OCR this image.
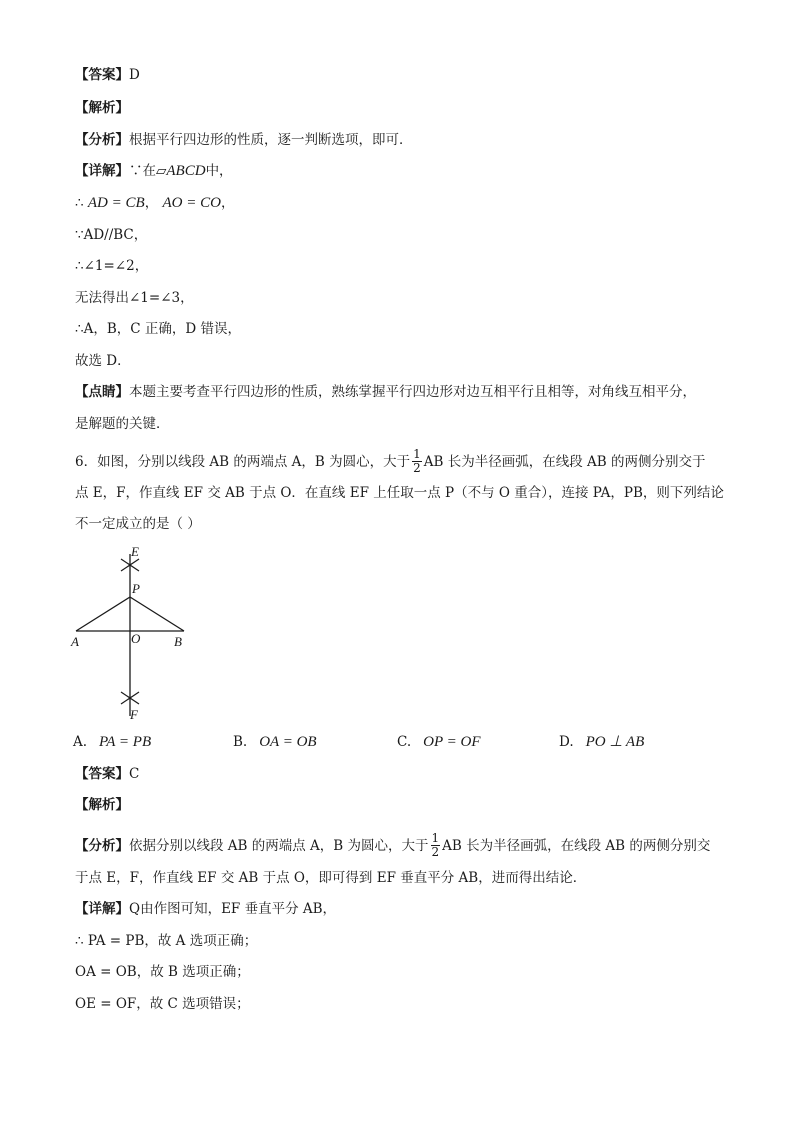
【答案】D
【解析】
【分析】根据平行四边形的性质，逐一判断选项，即可．
【详解】∵在▱ABCD中，
∴ AD = CB， AO = CO，
∵AD//BC，
∴∠1=∠2，
无法得出∠1=∠3，
∴A，B，C 正确，D 错误，
故选 D．
【点睛】本题主要考查平行四边形的性质，熟练掌握平行四边形对边互相平行且相等，对角线互相平分，
是解题的关键．
6．如图，分别以线段 AB 的两端点 A，B 为圆心，大于 $\frac{1}{2}$ AB 长为半径画弧，在线段 AB 的两侧分别交于
点 E，F，作直线 EF 交 AB 于点 O．在直线 EF 上任取一点 P（不与 O 重合），连接 PA，PB，则下列结论
不一定成立的是（ ）
E
P
A	O	B
F
A. PA = PB	B. OA = OB	C. OP = OF	D. PO ⊥ AB
【答案】C
【解析】
【分析】依据分别以线段 AB 的两端点 A，B 为圆心，大于 $\frac{1}{2}$ AB 长为半径画弧，在线段 AB 的两侧分别交
于点 E，F，作直线 EF 交 AB 于点 O，即可得到 EF 垂直平分 AB，进而得出结论．
【详解】Q由作图可知，EF 垂直平分 AB，
∴ PA = PB，故 A 选项正确；
OA = OB，故 B 选项正确；
OE = OF，故 C 选项错误；
